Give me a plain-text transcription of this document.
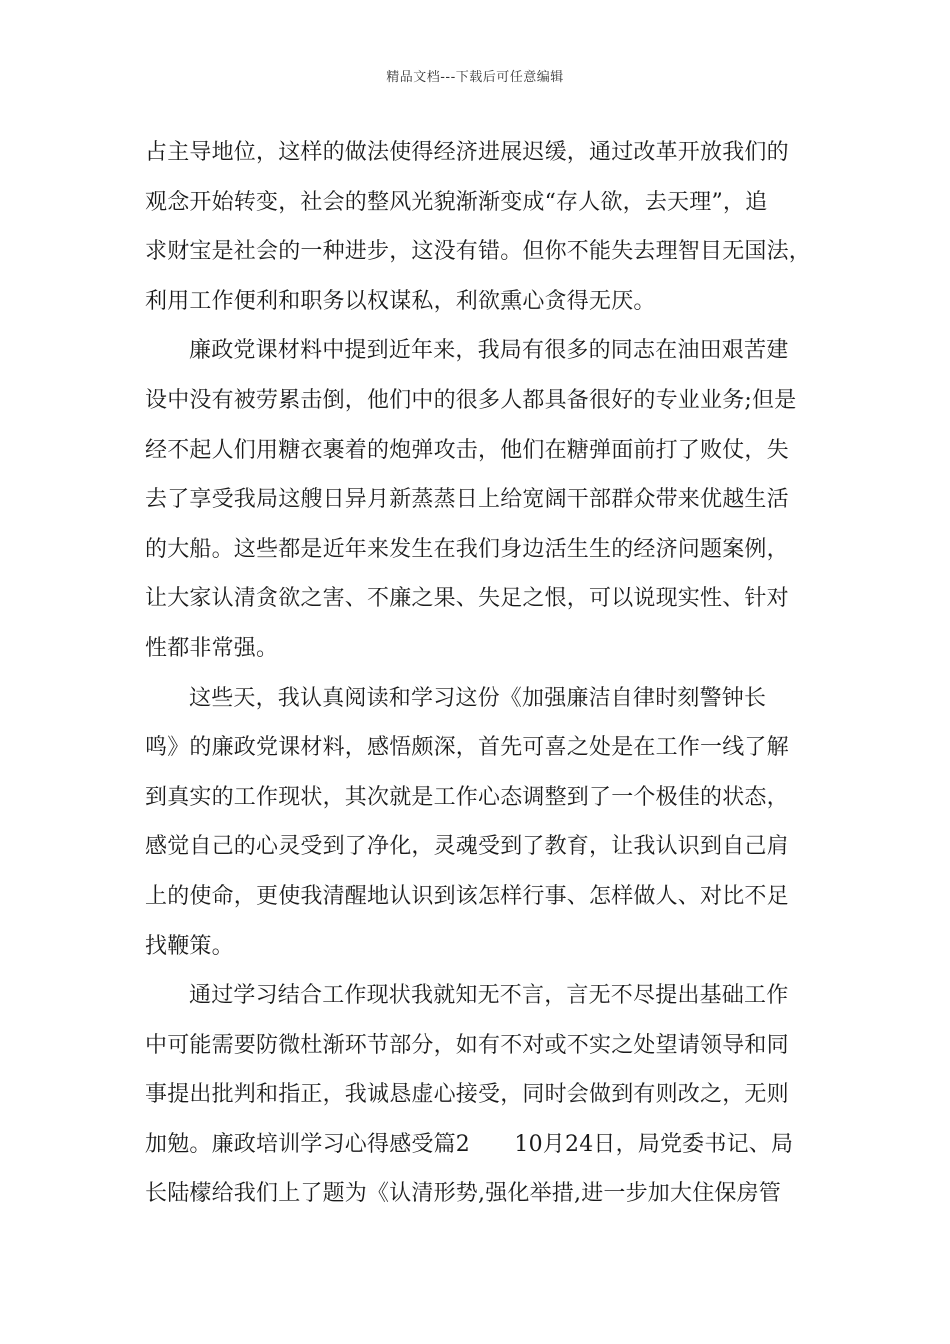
精品文档---下载后可任意编辑
占主导地位，这样的做法使得经济进展迟缓，通过改革开放我们的
观念开始转变，社会的整风光貌渐渐变成“存人欲，去天理”，追
求财宝是社会的一种进步，这没有错。但你不能失去理智目无国法，
利用工作便利和职务以权谋私，利欲熏心贪得无厌。
廉政党课材料中提到近年来，我局有很多的同志在油田艰苦建
设中没有被劳累击倒，他们中的很多人都具备很好的专业业务;但是
经不起人们用糖衣裹着的炮弹攻击，他们在糖弹面前打了败仗，失
去了享受我局这艘日异月新蒸蒸日上给宽阔干部群众带来优越生活
的大船。这些都是近年来发生在我们身边活生生的经济问题案例，
让大家认清贪欲之害、不廉之果、失足之恨，可以说现实性、针对
性都非常强。
这些天，我认真阅读和学习这份《加强廉洁自律时刻警钟长
鸣》的廉政党课材料，感悟颇深，首先可喜之处是在工作一线了解
到真实的工作现状，其次就是工作心态调整到了一个极佳的状态，
感觉自己的心灵受到了净化，灵魂受到了教育，让我认识到自己肩
上的使命，更使我清醒地认识到该怎样行事、怎样做人、对比不足
找鞭策。
通过学习结合工作现状我就知无不言，言无不尽提出基础工作
中可能需要防微杜渐环节部分，如有不对或不实之处望请领导和同
事提出批判和指正，我诚恳虚心接受，同时会做到有则改之，无则
加勉。廉政培训学习心得感受篇2　　10月24日，局党委书记、局
长陆檬给我们上了题为《认清形势,强化举措,进一步加大住保房管
